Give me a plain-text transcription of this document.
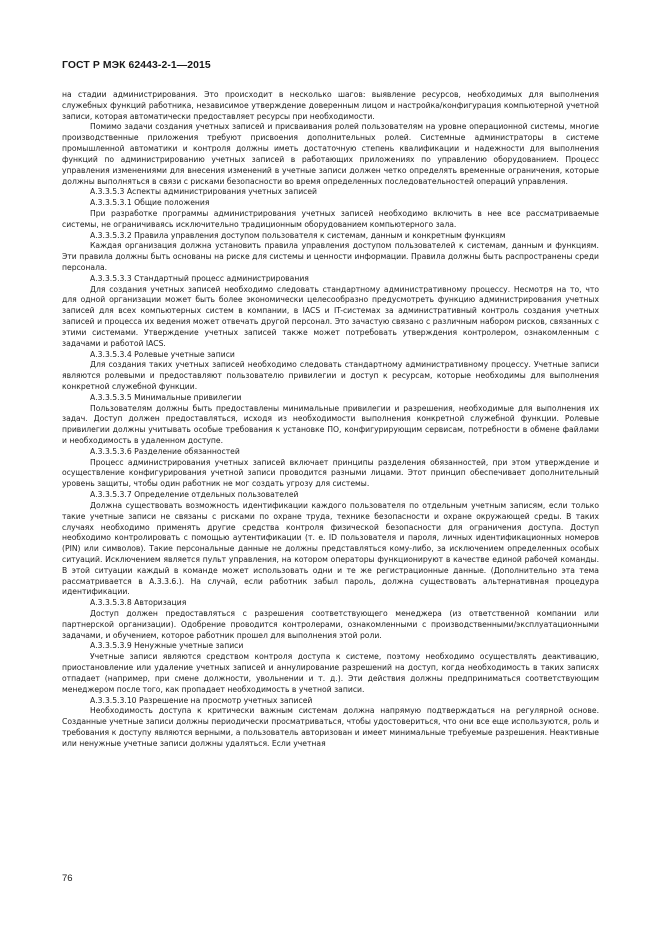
ГОСТ Р МЭК 62443-2-1—2015

на стадии администрирования. Это происходит в несколько шагов: выявление ресурсов, необходимых для выполнения служебных функций работника, независимое утверждение доверенным лицом и настройка/конфигурация компьютерной учетной записи, которая автоматически предоставляет ресурсы при необходимости.

Помимо задачи создания учетных записей и присваивания ролей пользователям на уровне операционной системы, многие производственные приложения требуют присвоения дополнительных ролей. Системные администраторы в системе промышленной автоматики и контроля должны иметь достаточную степень квалификации и надежности для выполнения функций по администрированию учетных записей в работающих приложениях по управлению оборудованием. Процесс управления изменениями для внесения изменений в учетные записи должен четко определять временные ограничения, которые должны выполняться в связи с рисками безопасности во время определенных последовательностей операций управления.

А.3.3.5.3 Аспекты администрирования учетных записей

А.3.3.5.3.1 Общие положения

При разработке программы администрирования учетных записей необходимо включить в нее все рассматриваемые системы, не ограничиваясь исключительно традиционным оборудованием компьютерного зала.

А.3.3.5.3.2 Правила управления доступом пользователя к системам, данным и конкретным функциям

Каждая организация должна установить правила управления доступом пользователей к системам, данным и функциям. Эти правила должны быть основаны на риске для системы и ценности информации. Правила должны быть распространены среди персонала.

А.3.3.5.3.3 Стандартный процесс администрирования

Для создания учетных записей необходимо следовать стандартному административному процессу. Несмотря на то, что для одной организации может быть более экономически целесообразно предусмотреть функцию администрирования учетных записей для всех компьютерных систем в компании, в IACS и IT-системах за административный контроль создания учетных записей и процесса их ведения может отвечать другой персонал. Это зачастую связано с различным набором рисков, связанных с этими системами. Утверждение учетных записей также может потребовать утверждения контролером, ознакомленным с задачами и работой IACS.

А.3.3.5.3.4 Ролевые учетные записи

Для создания таких учетных записей необходимо следовать стандартному административному процессу. Учетные записи являются ролевыми и предоставляют пользователю привилегии и доступ к ресурсам, которые необходимы для выполнения конкретной служебной функции.

А.3.3.5.3.5 Минимальные привилегии

Пользователям должны быть предоставлены минимальные привилегии и разрешения, необходимые для выполнения их задач. Доступ должен предоставляться, исходя из необходимости выполнения конкретной служебной функции. Ролевые привилегии должны учитывать особые требования к установке ПО, конфигурирующим сервисам, потребности в обмене файлами и необходимость в удаленном доступе.

А.3.3.5.3.6 Разделение обязанностей

Процесс администрирования учетных записей включает принципы разделения обязанностей, при этом утверждение и осуществление конфигурирования учетной записи проводится разными лицами. Этот принцип обеспечивает дополнительный уровень защиты, чтобы один работник не мог создать угрозу для системы.

А.3.3.5.3.7 Определение отдельных пользователей

Должна существовать возможность идентификации каждого пользователя по отдельным учетным записям, если только такие учетные записи не связаны с рисками по охране труда, технике безопасности и охране окружающей среды. В таких случаях необходимо применять другие средства контроля физической безопасности для ограничения доступа. Доступ необходимо контролировать с помощью аутентификации (т. е. ID пользователя и пароля, личных идентификационных номеров (PIN) или символов). Такие персональные данные не должны представляться кому-либо, за исключением определенных особых ситуаций. Исключением является пульт управления, на котором операторы функционируют в качестве единой рабочей команды. В этой ситуации каждый в команде может использовать одни и те же регистрационные данные. (Дополнительно эта тема рассматривается в А.3.3.6.). На случай, если работник забыл пароль, должна существовать альтернативная процедура идентификации.

А.3.3.5.3.8 Авторизация

Доступ должен предоставляться с разрешения соответствующего менеджера (из ответственной компании или партнерской организации). Одобрение проводится контролерами, ознакомленными с производственными/эксплуатационными задачами, и обучением, которое работник прошел для выполнения этой роли.

А.3.3.5.3.9 Ненужные учетные записи

Учетные записи являются средством контроля доступа к системе, поэтому необходимо осуществлять деактивацию, приостановление или удаление учетных записей и аннулирование разрешений на доступ, когда необходимость в таких записях отпадает (например, при смене должности, увольнении и т. д.). Эти действия должны предприниматься соответствующим менеджером после того, как пропадает необходимость в учетной записи.

А.3.3.5.3.10 Разрешение на просмотр учетных записей

Необходимость доступа к критически важным системам должна напрямую подтверждаться на регулярной основе. Созданные учетные записи должны периодически просматриваться, чтобы удостовериться, что они все еще используются, роль и требования к доступу являются верными, а пользователь авторизован и имеет минимальные требуемые разрешения. Неактивные или ненужные учетные записи должны удаляться. Если учетная

76
